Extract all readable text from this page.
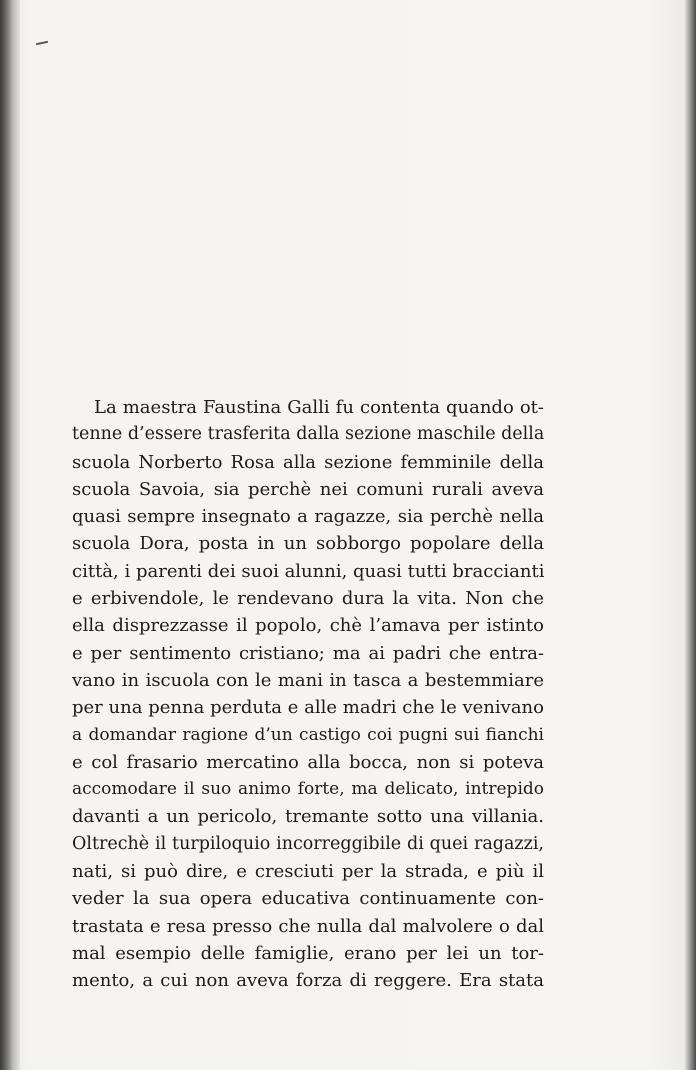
La maestra Faustina Galli fu contenta quando ot-
tenne d’essere trasferita dalla sezione maschile della
scuola Norberto Rosa alla sezione femminile della
scuola Savoia, sia perchè nei comuni rurali aveva
quasi sempre insegnato a ragazze, sia perchè nella
scuola Dora, posta in un sobborgo popolare della
città, i parenti dei suoi alunni, quasi tutti braccianti
e erbivendole, le rendevano dura la vita. Non che
ella disprezzasse il popolo, chè l’amava per istinto
e per sentimento cristiano; ma ai padri che entra-
vano in iscuola con le mani in tasca a bestemmiare
per una penna perduta e alle madri che le venivano
a domandar ragione d’un castigo coi pugni sui fianchi
e col frasario mercatino alla bocca, non si poteva
accomodare il suo animo forte, ma delicato, intrepido
davanti a un pericolo, tremante sotto una villania.
Oltrechè il turpiloquio incorreggibile di quei ragazzi,
nati, si può dire, e cresciuti per la strada, e più il
veder la sua opera educativa continuamente con-
trastata e resa presso che nulla dal malvolere o dal
mal esempio delle famiglie, erano per lei un tor-
mento, a cui non aveva forza di reggere. Era stata
